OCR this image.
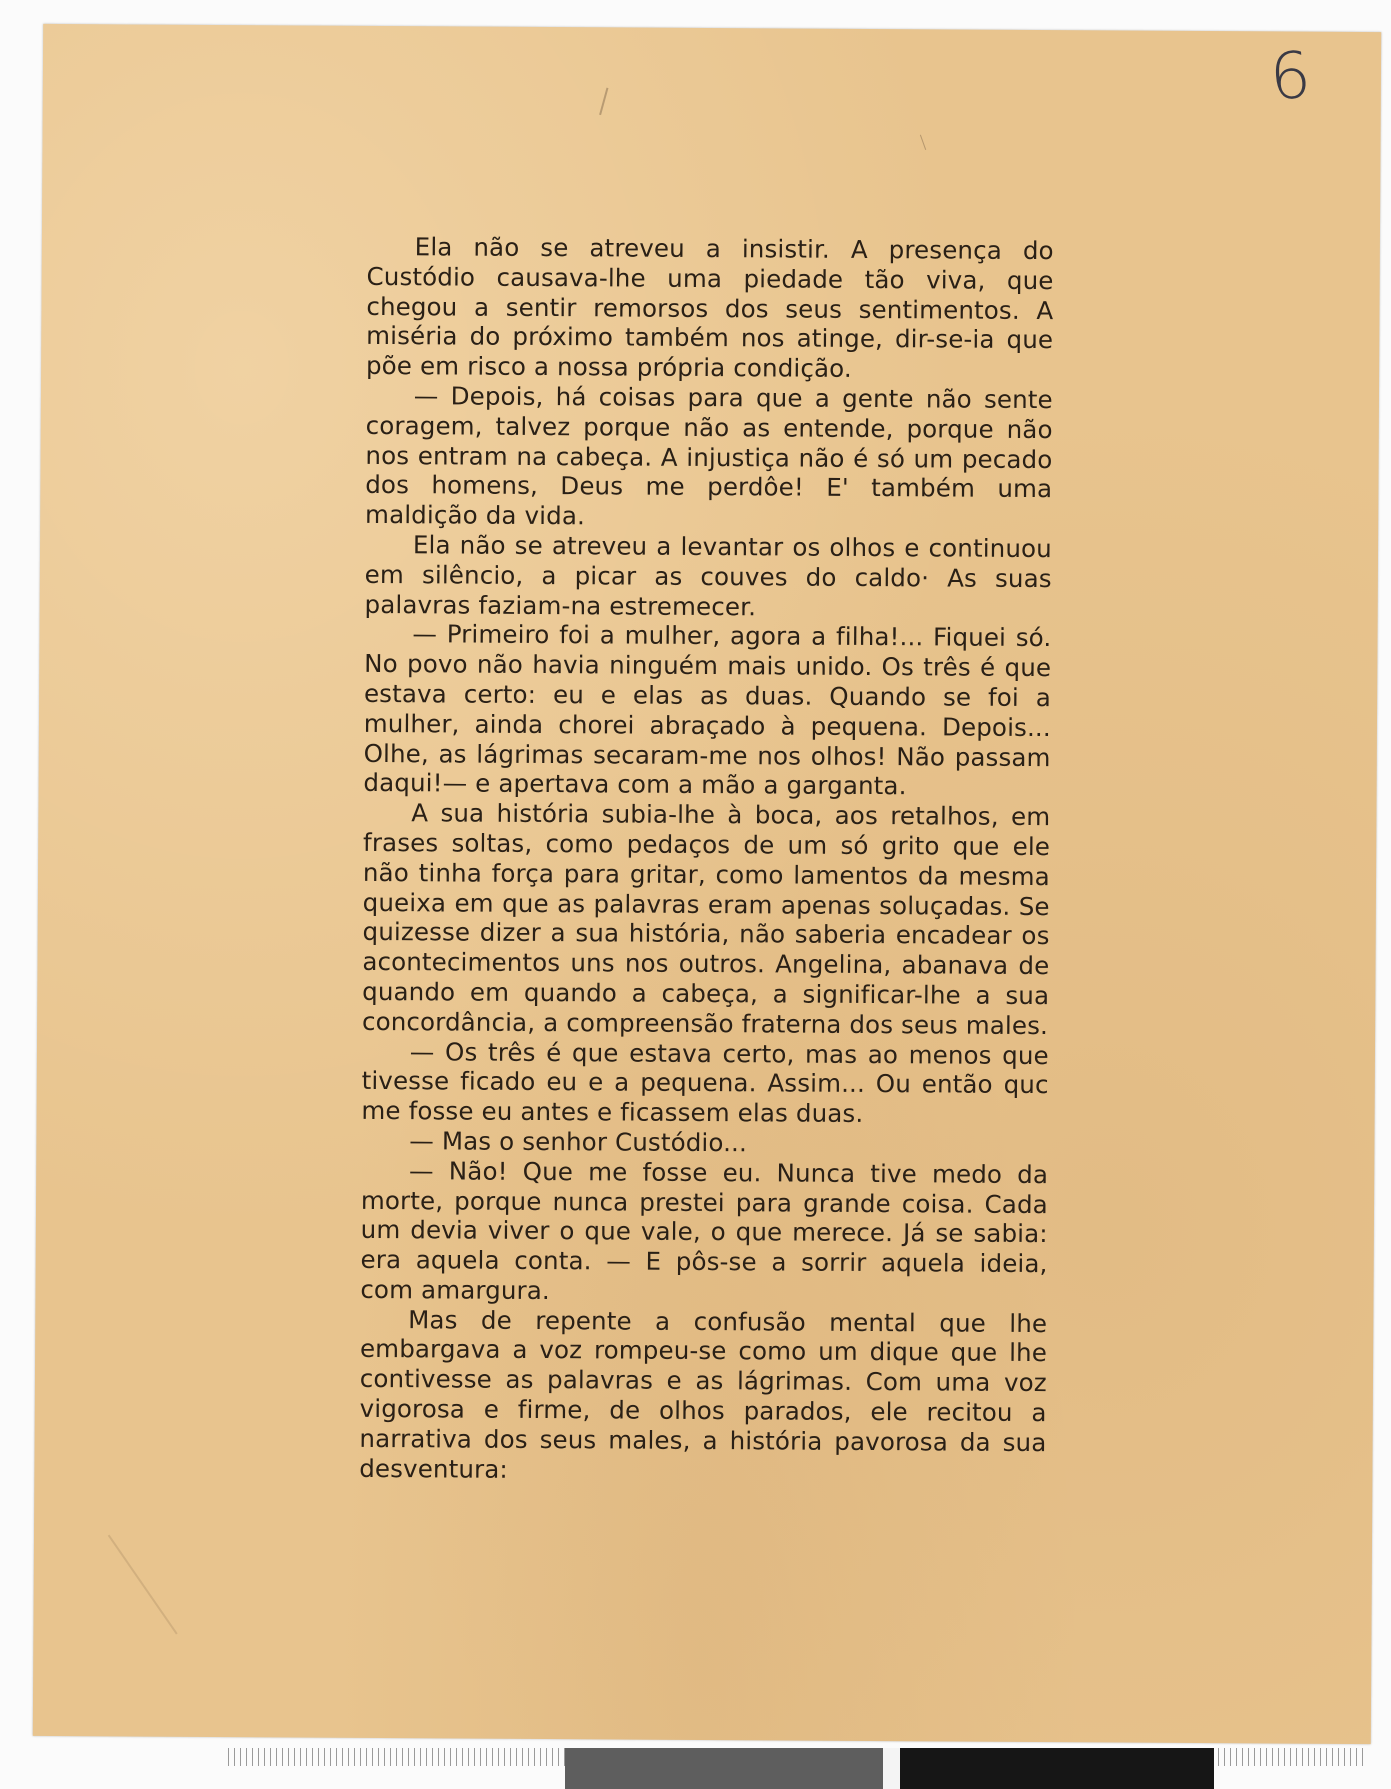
6

Ela não se atreveu a insistir. A presença do Custódio causava-lhe uma piedade tão viva, que chegou a sentir remorsos dos seus sentimentos. A miséria do próximo também nos atinge, dir-se-ia que põe em risco a nossa própria condição.

— Depois, há coisas para que a gente não sente coragem, talvez porque não as entende, porque não nos entram na cabeça. A injustiça não é só um pecado dos homens, Deus me perdôe! E' também uma maldição da vida.

Ela não se atreveu a levantar os olhos e continuou em silêncio, a picar as couves do caldo· As suas palavras faziam-na estremecer.

— Primeiro foi a mulher, agora a filha!... Fiquei só. No povo não havia ninguém mais unido. Os três é que estava certo: eu e elas as duas. Quando se foi a mulher, ainda chorei abraçado à pequena. Depois... Olhe, as lágrimas secaram-me nos olhos! Não passam daqui!— e apertava com a mão a garganta.

A sua história subia-lhe à boca, aos retalhos, em frases soltas, como pedaços de um só grito que ele não tinha força para gritar, como lamentos da mesma queixa em que as palavras eram apenas soluçadas. Se quizesse dizer a sua história, não saberia encadear os acontecimentos uns nos outros. Angelina, abanava de quando em quando a cabeça, a significar-lhe a sua concordância, a compreensão fraterna dos seus males.

— Os três é que estava certo, mas ao menos que tivesse ficado eu e a pequena. Assim... Ou então quc me fosse eu antes e ficassem elas duas.

— Mas o senhor Custódio...

— Não! Que me fosse eu. Nunca tive medo da morte, porque nunca prestei para grande coisa. Cada um devia viver o que vale, o que merece. Já se sabia: era aquela conta. — E pôs-se a sorrir aquela ideia, com amargura.

Mas de repente a confusão mental que lhe embargava a voz rompeu-se como um dique que lhe contivesse as palavras e as lágrimas. Com uma voz vigorosa e firme, de olhos parados, ele recitou a narrativa dos seus males, a história pavorosa da sua desventura:
